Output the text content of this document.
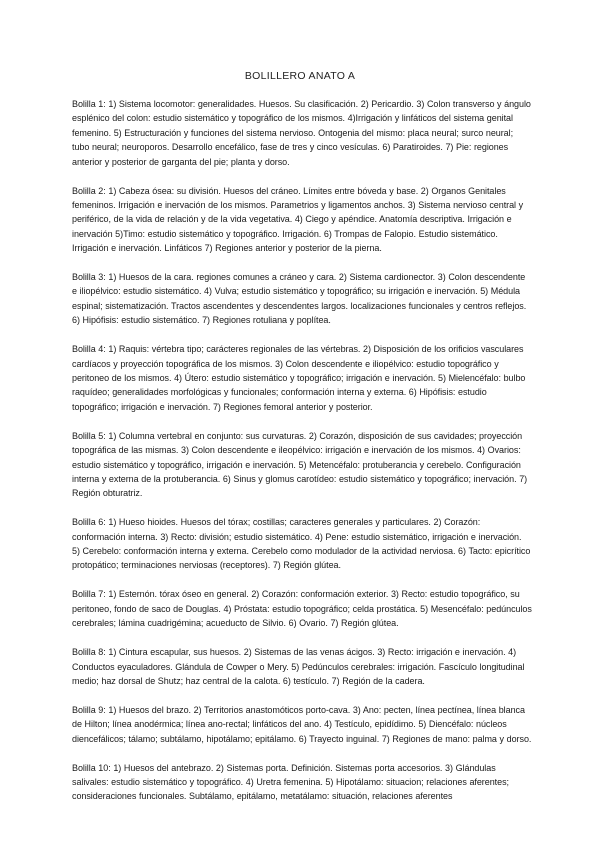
BOLILLERO ANATO A

Bolilla 1: 1) Sistema locomotor: generalidades. Huesos. Su clasificación. 2) Pericardio. 3) Colon transverso y ángulo esplénico del colon: estudio sistemático y topográfico de los mismos. 4)Irrigación y linfáticos del sistema genital femenino. 5) Estructuración y funciones del sistema nervioso. Ontogenia del mismo: placa neural; surco neural; tubo neural; neuroporos. Desarrollo encefálico, fase de tres y cinco vesículas. 6) Paratiroides. 7) Pie: regiones anterior y posterior de garganta del pie; planta y dorso.

Bolilla 2: 1) Cabeza ósea: su división. Huesos del cráneo. Límites entre bóveda y base. 2) Organos Genitales femeninos. Irrigación e inervación de los mismos. Parametrios y ligamentos anchos. 3) Sistema nervioso central y periférico, de la vida de relación y de la vida vegetativa. 4) Ciego y apéndice. Anatomía descriptiva. Irrigación e inervación 5)Timo: estudio sistemático y topográfico. Irrigación. 6) Trompas de Falopio. Estudio sistemático. Irrigación e inervación. Linfáticos 7) Regiones anterior y posterior de la pierna.

Bolilla 3: 1) Huesos de la cara. regiones comunes a cráneo y cara. 2) Sistema cardionector. 3) Colon descendente e iliopélvico: estudio sistemático. 4) Vulva; estudio sistemático y topográfico; su irrigación e inervación. 5) Médula espinal; sistematización. Tractos ascendentes y descendentes largos. localizaciones funcionales y centros reflejos. 6) Hipófisis: estudio sistemático. 7) Regiones rotuliana y poplítea.

Bolilla 4: 1) Raquis: vértebra tipo; carácteres regionales de las vértebras. 2) Disposición de los orificios vasculares cardíacos y proyección topográfica de los mismos. 3) Colon descendente e iliopélvico: estudio topográfico y peritoneo de los mismos. 4) Útero: estudio sistemático y topográfico; irrigación e inervación. 5) Mielencéfalo: bulbo raquídeo; generalidades morfológicas y funcionales; conformación interna y externa. 6) Hipófisis: estudio topográfico; irrigación e inervación. 7) Regiones femoral anterior y posterior.

Bolilla 5: 1) Columna vertebral en conjunto: sus curvaturas. 2) Corazón, disposición de sus cavidades; proyección topográfica de las mismas. 3) Colon descendente e ileopélvico: irrigación e inervación de los mismos. 4) Ovarios: estudio sistemático y topográfico, irrigación e inervación. 5) Metencéfalo: protuberancia y cerebelo. Configuración interna y externa de la protuberancia. 6) Sinus y glomus carotídeo: estudio sistemático y topográfico; inervación. 7) Región obturatriz.

Bolilla 6: 1) Hueso hioides. Huesos del tórax; costillas; caracteres generales y particulares. 2) Corazón: conformación interna. 3) Recto: división; estudio sistemático. 4) Pene: estudio sistemático, irrigación e inervación. 5) Cerebelo: conformación interna y externa. Cerebelo como modulador de la actividad nerviosa. 6) Tacto: epicrítico protopático; terminaciones nerviosas (receptores). 7) Región glútea.

Bolilla 7: 1) Esternón. tórax óseo en general. 2) Corazón: conformación exterior. 3) Recto: estudio topográfico, su peritoneo, fondo de saco de Douglas. 4) Próstata: estudio topográfico; celda prostática. 5) Mesencéfalo: pedúnculos cerebrales; lámina cuadrigémina; acueducto de Silvio. 6) Ovario. 7) Región glútea.

Bolilla 8: 1) Cintura escapular, sus huesos. 2) Sistemas de las venas ácigos. 3) Recto: irrigación e inervación. 4) Conductos eyaculadores. Glándula de Cowper o Mery. 5) Pedúnculos cerebrales: irrigación. Fascículo longitudinal medio; haz dorsal de Shutz; haz central de la calota. 6) testículo. 7) Región de la cadera.

Bolilla 9: 1) Huesos del brazo. 2) Territorios anastomóticos porto-cava. 3) Ano: pecten, línea pectínea, línea blanca de Hilton; línea anodérmica; línea ano-rectal; linfáticos del ano. 4) Testículo, epidídimo. 5) Diencéfalo: núcleos diencefálicos; tálamo; subtálamo, hipotálamo; epitálamo. 6) Trayecto inguinal. 7) Regiones de mano: palma y dorso.

Bolilla 10: 1) Huesos del antebrazo. 2) Sistemas porta. Definición. Sistemas porta accesorios. 3) Glándulas salivales: estudio sistemático y topográfico. 4) Uretra femenina. 5) Hipotálamo: situacion; relaciones aferentes; consideraciones funcionales. Subtálamo, epitálamo, metatálamo: situación, relaciones aferentes
